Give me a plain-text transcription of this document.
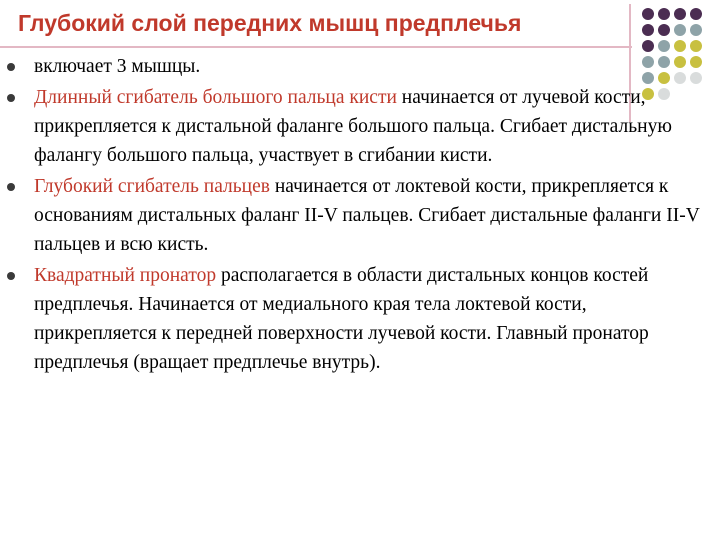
Глубокий слой передних мышц предплечья
включает 3 мышцы.
Длинный сгибатель большого пальца кисти начинается от лучевой кости, прикрепляется к дистальной фаланге большого пальца. Сгибает дистальную фалангу большого пальца, участвует в сгибании кисти.
Глубокий сгибатель пальцев начинается от локтевой кости, прикрепляется к основаниям дистальных фаланг II-V пальцев. Сгибает дистальные фаланги II-V пальцев и всю кисть.
Квадратный пронатор располагается в области дистальных концов костей предплечья. Начинается от медиального края тела локтевой кости, прикрепляется к передней поверхности лучевой кости. Главный пронатор предплечья (вращает предплечье внутрь).
